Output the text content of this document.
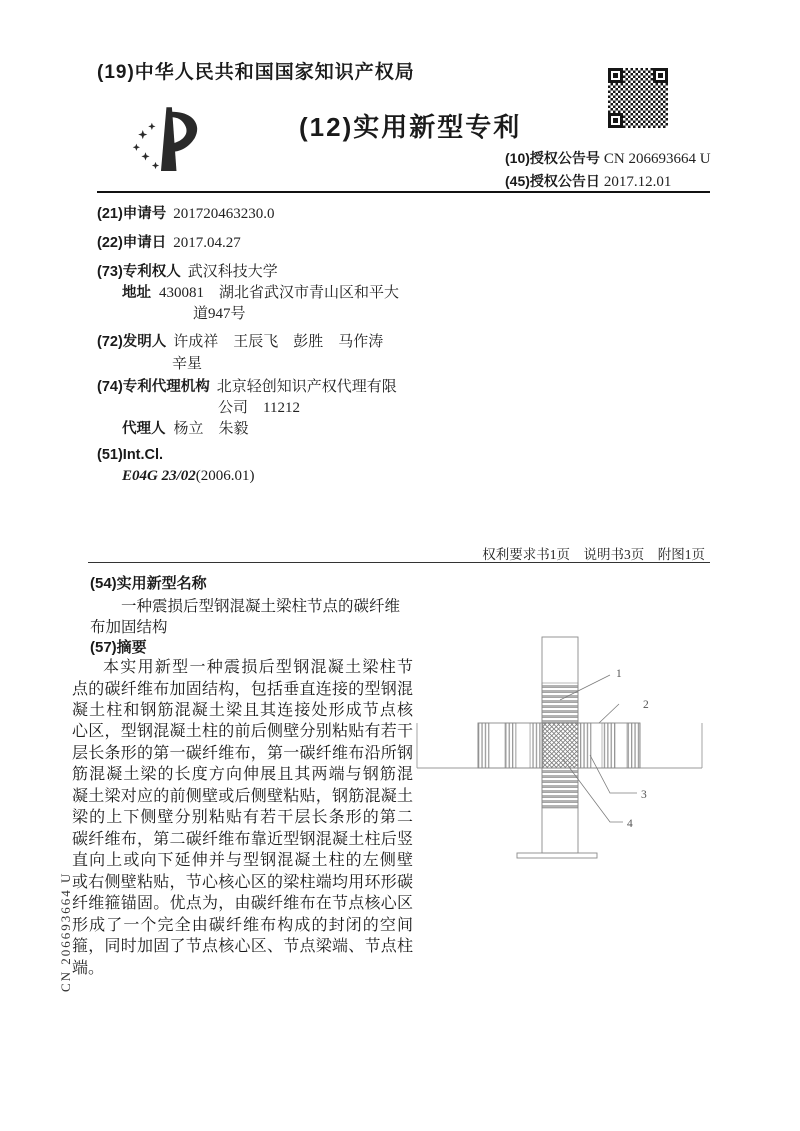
(19)中华人民共和国国家知识产权局
(12)实用新型专利
(10)授权公告号 CN 206693664 U
(45)授权公告日 2017.12.01
(21)申请号 201720463230.0
(22)申请日 2017.04.27
(73)专利权人 武汉科技大学
地址 430081　湖北省武汉市青山区和平大
道947号
(72)发明人 许成祥　王辰飞　彭胜　马作涛
辛星
(74)专利代理机构 北京轻创知识产权代理有限
公司　11212
代理人 杨立　朱毅
(51)Int.Cl.
E04G 23/02(2006.01)
权利要求书1页　说明书3页　附图1页
(54)实用新型名称
一种震损后型钢混凝土梁柱节点的碳纤维
布加固结构
(57)摘要
本实用新型一种震损后型钢混凝土梁柱节
点的碳纤维布加固结构，包括垂直连接的型钢混
凝土柱和钢筋混凝土梁且其连接处形成节点核
心区，型钢混凝土柱的前后侧壁分别粘贴有若干
层长条形的第一碳纤维布，第一碳纤维布沿所钢
筋混凝土梁的长度方向伸展且其两端与钢筋混
凝土梁对应的前侧壁或后侧壁粘贴，钢筋混凝土
梁的上下侧壁分别粘贴有若干层长条形的第二
碳纤维布，第二碳纤维布靠近型钢混凝土柱后竖
直向上或向下延伸并与型钢混凝土柱的左侧壁
或右侧壁粘贴，节心核心区的梁柱端均用环形碳
纤维箍锚固。优点为，由碳纤维布在节点核心区
形成了一个完全由碳纤维布构成的封闭的空间
箍，同时加固了节点核心区、节点梁端、节点柱
端。
1
2
3
4
CN 206693664 U
